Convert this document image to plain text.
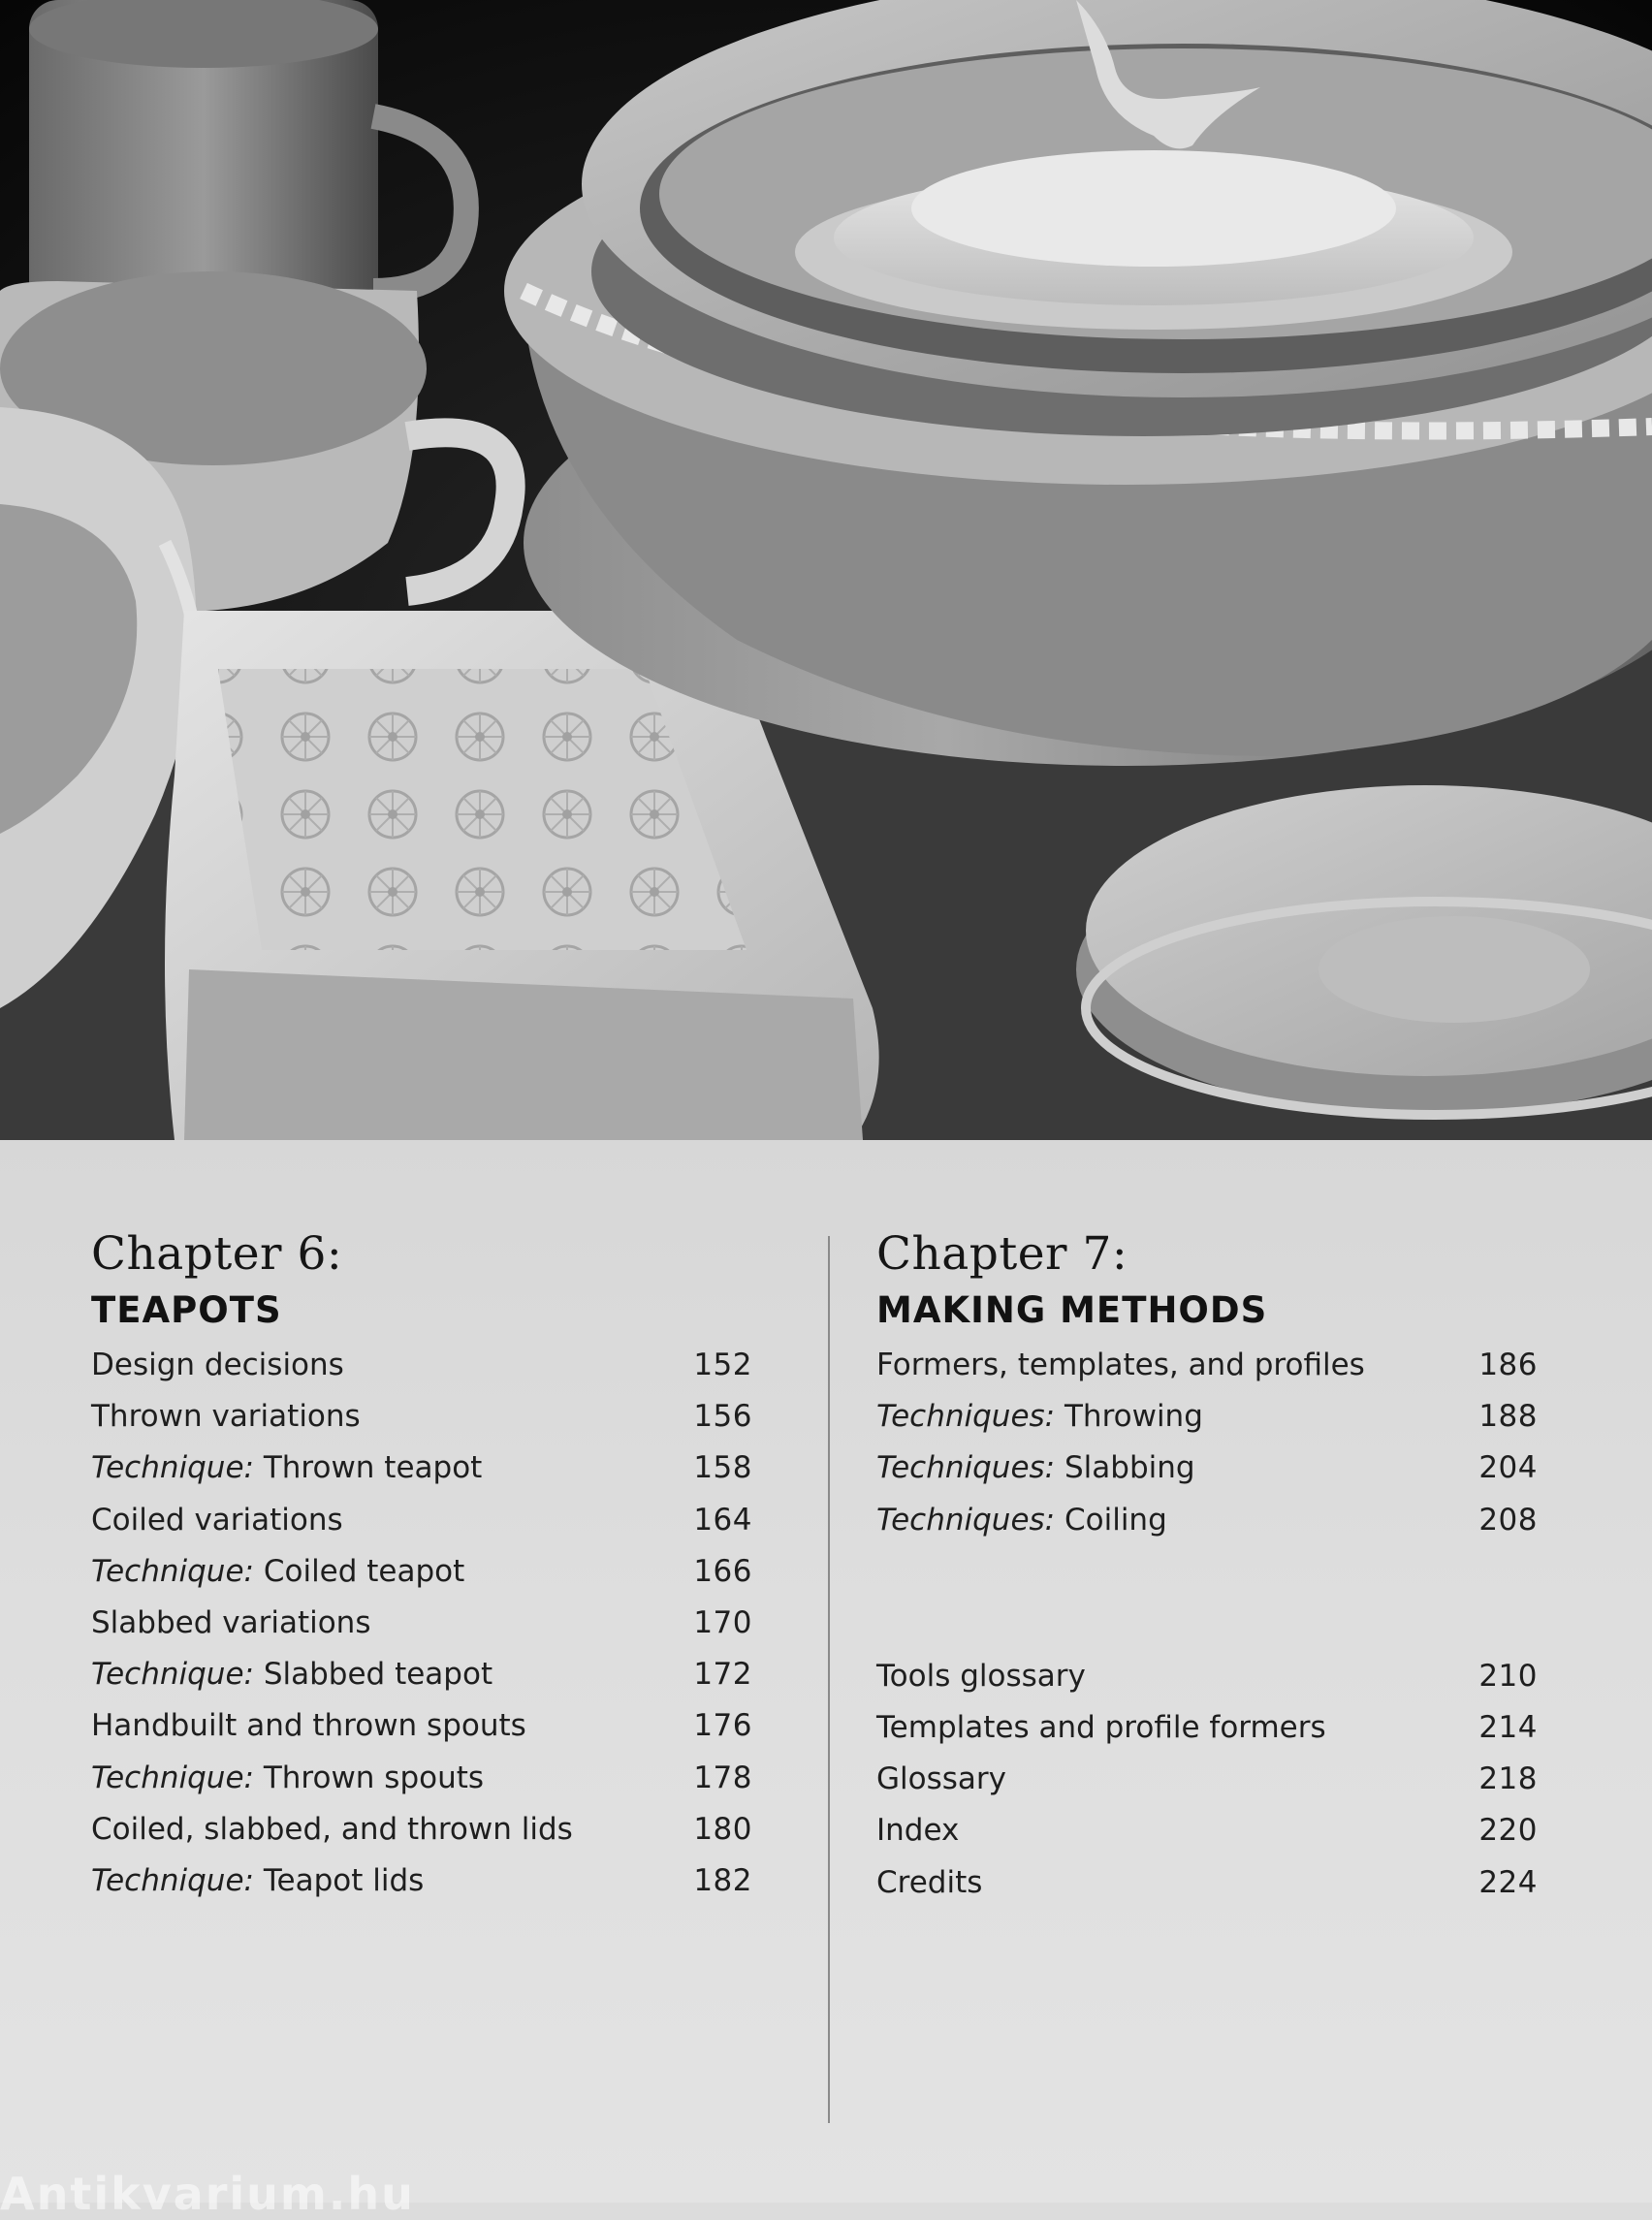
Chapter 6:
TEAPOTS
Design decisions	152
Thrown variations	156
Technique: Thrown teapot	158
Coiled variations	164
Technique: Coiled teapot	166
Slabbed variations	170
Technique: Slabbed teapot	172
Handbuilt and thrown spouts	176
Technique: Thrown spouts	178
Coiled, slabbed, and thrown lids	180
Technique: Teapot lids	182
Chapter 7:
MAKING METHODS
Formers, templates, and profiles	186
Techniques: Throwing	188
Techniques: Slabbing	204
Techniques: Coiling	208
Tools glossary	210
Templates and profile formers	214
Glossary	218
Index	220
Credits	224
Antikvarium.hu
